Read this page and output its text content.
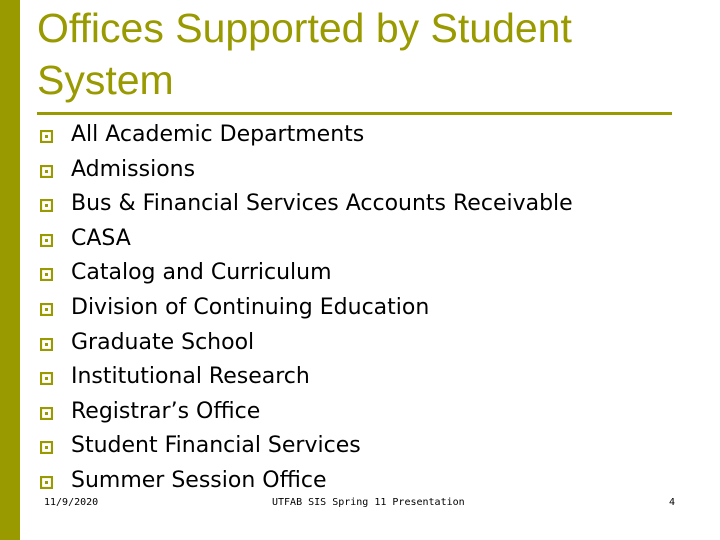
Offices Supported by Student System
All Academic Departments
Admissions
Bus & Financial Services Accounts Receivable
CASA
Catalog and Curriculum
Division of Continuing Education
Graduate School
Institutional Research
Registrar’s Office
Student Financial Services
Summer Session Office
11/9/2020	UTFAB SIS Spring 11 Presentation	4
